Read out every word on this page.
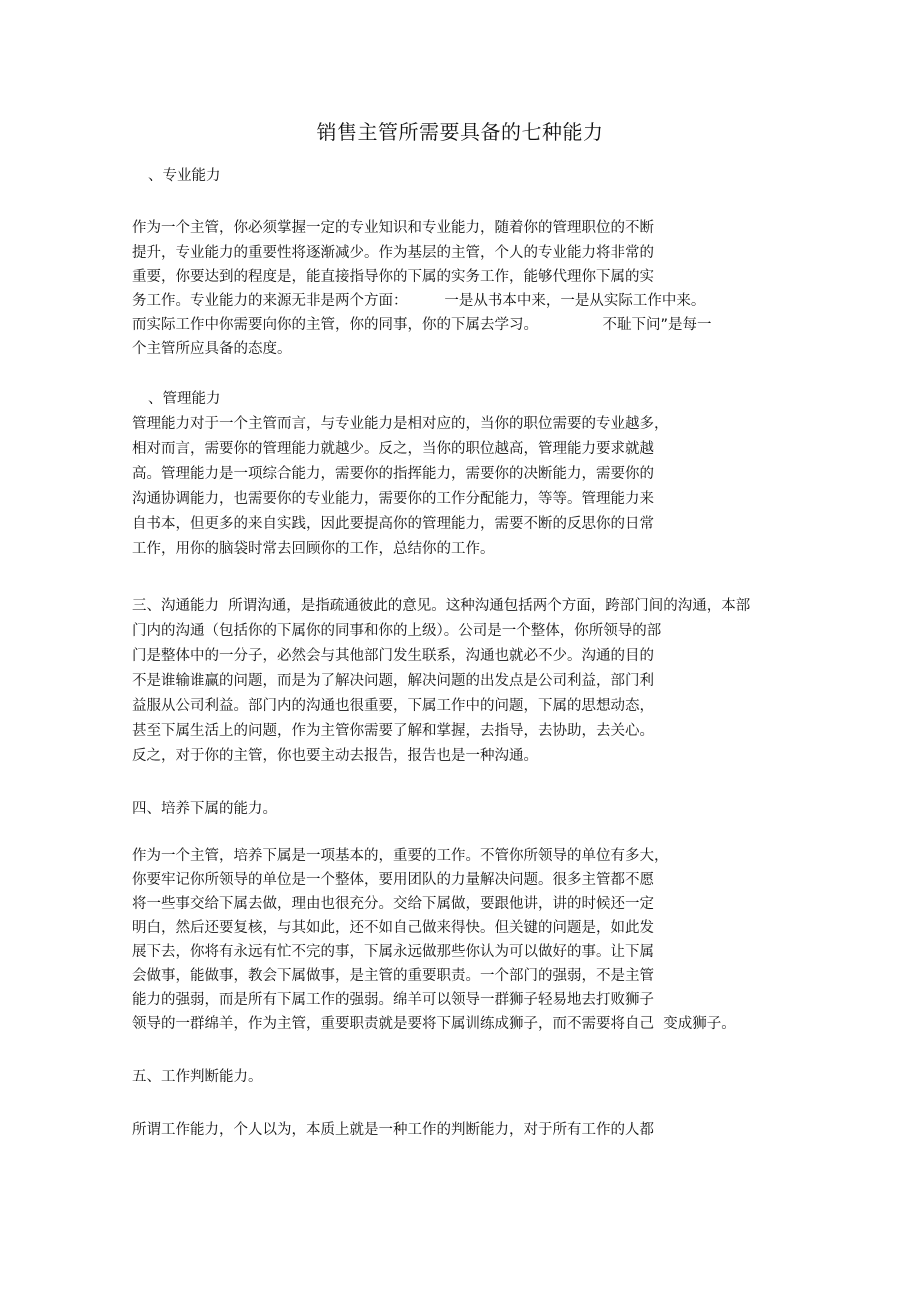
销售主管所需要具备的七种能力
、专业能力
作为一个主管，你必须掌握一定的专业知识和专业能力，随着你的管理职位的不断
提升，专业能力的重要性将逐渐减少。作为基层的主管，个人的专业能力将非常的
重要，你要达到的程度是，能直接指导你的下属的实务工作，能够代理你下属的实
务工作。专业能力的来源无非是两个方面：        一是从书本中来，一是从实际工作中来。
而实际工作中你需要向你的主管，你的同事，你的下属去学习。              不耻下问”是每一
个主管所应具备的态度。
、管理能力
管理能力对于一个主管而言，与专业能力是相对应的，当你的职位需要的专业越多，
相对而言，需要你的管理能力就越少。反之，当你的职位越高，管理能力要求就越
高。管理能力是一项综合能力，需要你的指挥能力，需要你的决断能力，需要你的
沟通协调能力，也需要你的专业能力，需要你的工作分配能力，等等。管理能力来
自书本，但更多的来自实践，因此要提高你的管理能力，需要不断的反思你的日常
工作，用你的脑袋时常去回顾你的工作，总结你的工作。
三、沟通能力  所谓沟通，是指疏通彼此的意见。这种沟通包括两个方面，跨部门间的沟通，本部
门内的沟通（包括你的下属你的同事和你的上级）。公司是一个整体，你所领导的部
门是整体中的一分子，必然会与其他部门发生联系，沟通也就必不少。沟通的目的
不是谁输谁赢的问题，而是为了解决问题，解决问题的出发点是公司利益，部门利
益服从公司利益。部门内的沟通也很重要，下属工作中的问题，下属的思想动态，
甚至下属生活上的问题，作为主管你需要了解和掌握，去指导，去协助，去关心。
反之，对于你的主管，你也要主动去报告，报告也是一种沟通。
四、培养下属的能力。
作为一个主管，培养下属是一项基本的，重要的工作。不管你所领导的单位有多大，
你要牢记你所领导的单位是一个整体，要用团队的力量解决问题。很多主管都不愿
将一些事交给下属去做，理由也很充分。交给下属做，要跟他讲，讲的时候还一定
明白，然后还要复核，与其如此，还不如自己做来得快。但关键的问题是，如此发
展下去，你将有永远有忙不完的事，下属永远做那些你认为可以做好的事。让下属
会做事，能做事，教会下属做事，是主管的重要职责。一个部门的强弱，不是主管
能力的强弱，而是所有下属工作的强弱。绵羊可以领导一群狮子轻易地去打败狮子
领导的一群绵羊，作为主管，重要职责就是要将下属训练成狮子，而不需要将自己  变成狮子。
五、工作判断能力。
所谓工作能力，个人以为，本质上就是一种工作的判断能力，对于所有工作的人都
